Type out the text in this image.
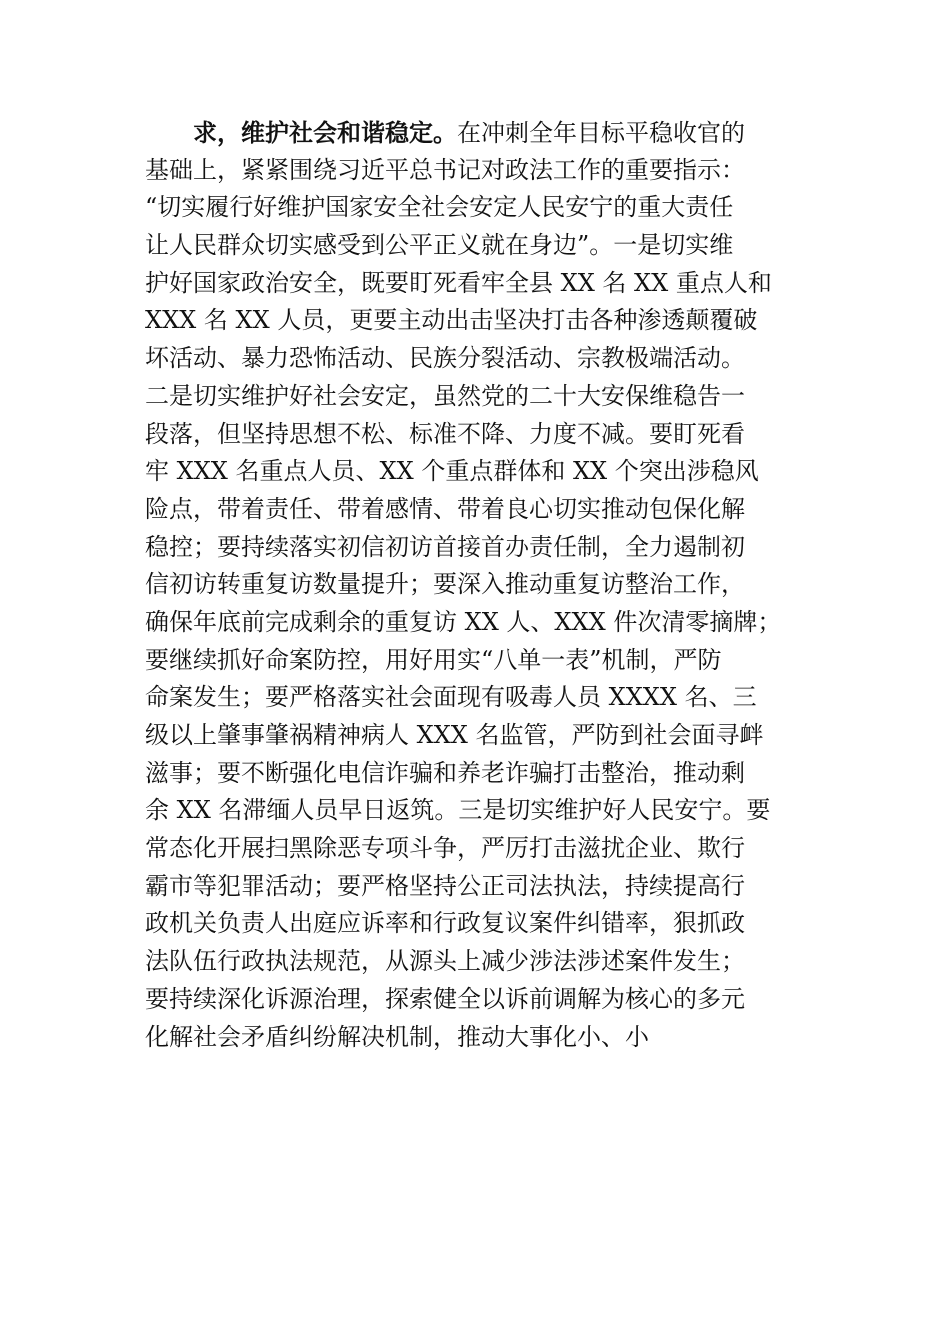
求，维护社会和谐稳定。在冲刺全年目标平稳收官的
基础上，紧紧围绕习近平总书记对政法工作的重要指示：
“切实履行好维护国家安全社会安定人民安宁的重大责任
让人民群众切实感受到公平正义就在身边”。一是切实维
护好国家政治安全，既要盯死看牢全县 XX 名 XX 重点人和
XXX 名 XX 人员，更要主动出击坚决打击各种渗透颠覆破
坏活动、暴力恐怖活动、民族分裂活动、宗教极端活动。
二是切实维护好社会安定，虽然党的二十大安保维稳告一
段落，但坚持思想不松、标准不降、力度不减。要盯死看
牢 XXX 名重点人员、XX 个重点群体和 XX 个突出涉稳风
险点，带着责任、带着感情、带着良心切实推动包保化解
稳控；要持续落实初信初访首接首办责任制，全力遏制初
信初访转重复访数量提升；要深入推动重复访整治工作，
确保年底前完成剩余的重复访 XX 人、XXX 件次清零摘牌；
要继续抓好命案防控，用好用实“八单一表”机制，严防
命案发生；要严格落实社会面现有吸毒人员 XXXX 名、三
级以上肇事肇祸精神病人 XXX 名监管，严防到社会面寻衅
滋事；要不断强化电信诈骗和养老诈骗打击整治，推动剩
余 XX 名滞缅人员早日返筑。三是切实维护好人民安宁。要
常态化开展扫黑除恶专项斗争，严厉打击滋扰企业、欺行
霸市等犯罪活动；要严格坚持公正司法执法，持续提高行
政机关负责人出庭应诉率和行政复议案件纠错率，狠抓政
法队伍行政执法规范，从源头上减少涉法涉述案件发生；
要持续深化诉源治理，探索健全以诉前调解为核心的多元
化解社会矛盾纠纷解决机制，推动大事化小、小
